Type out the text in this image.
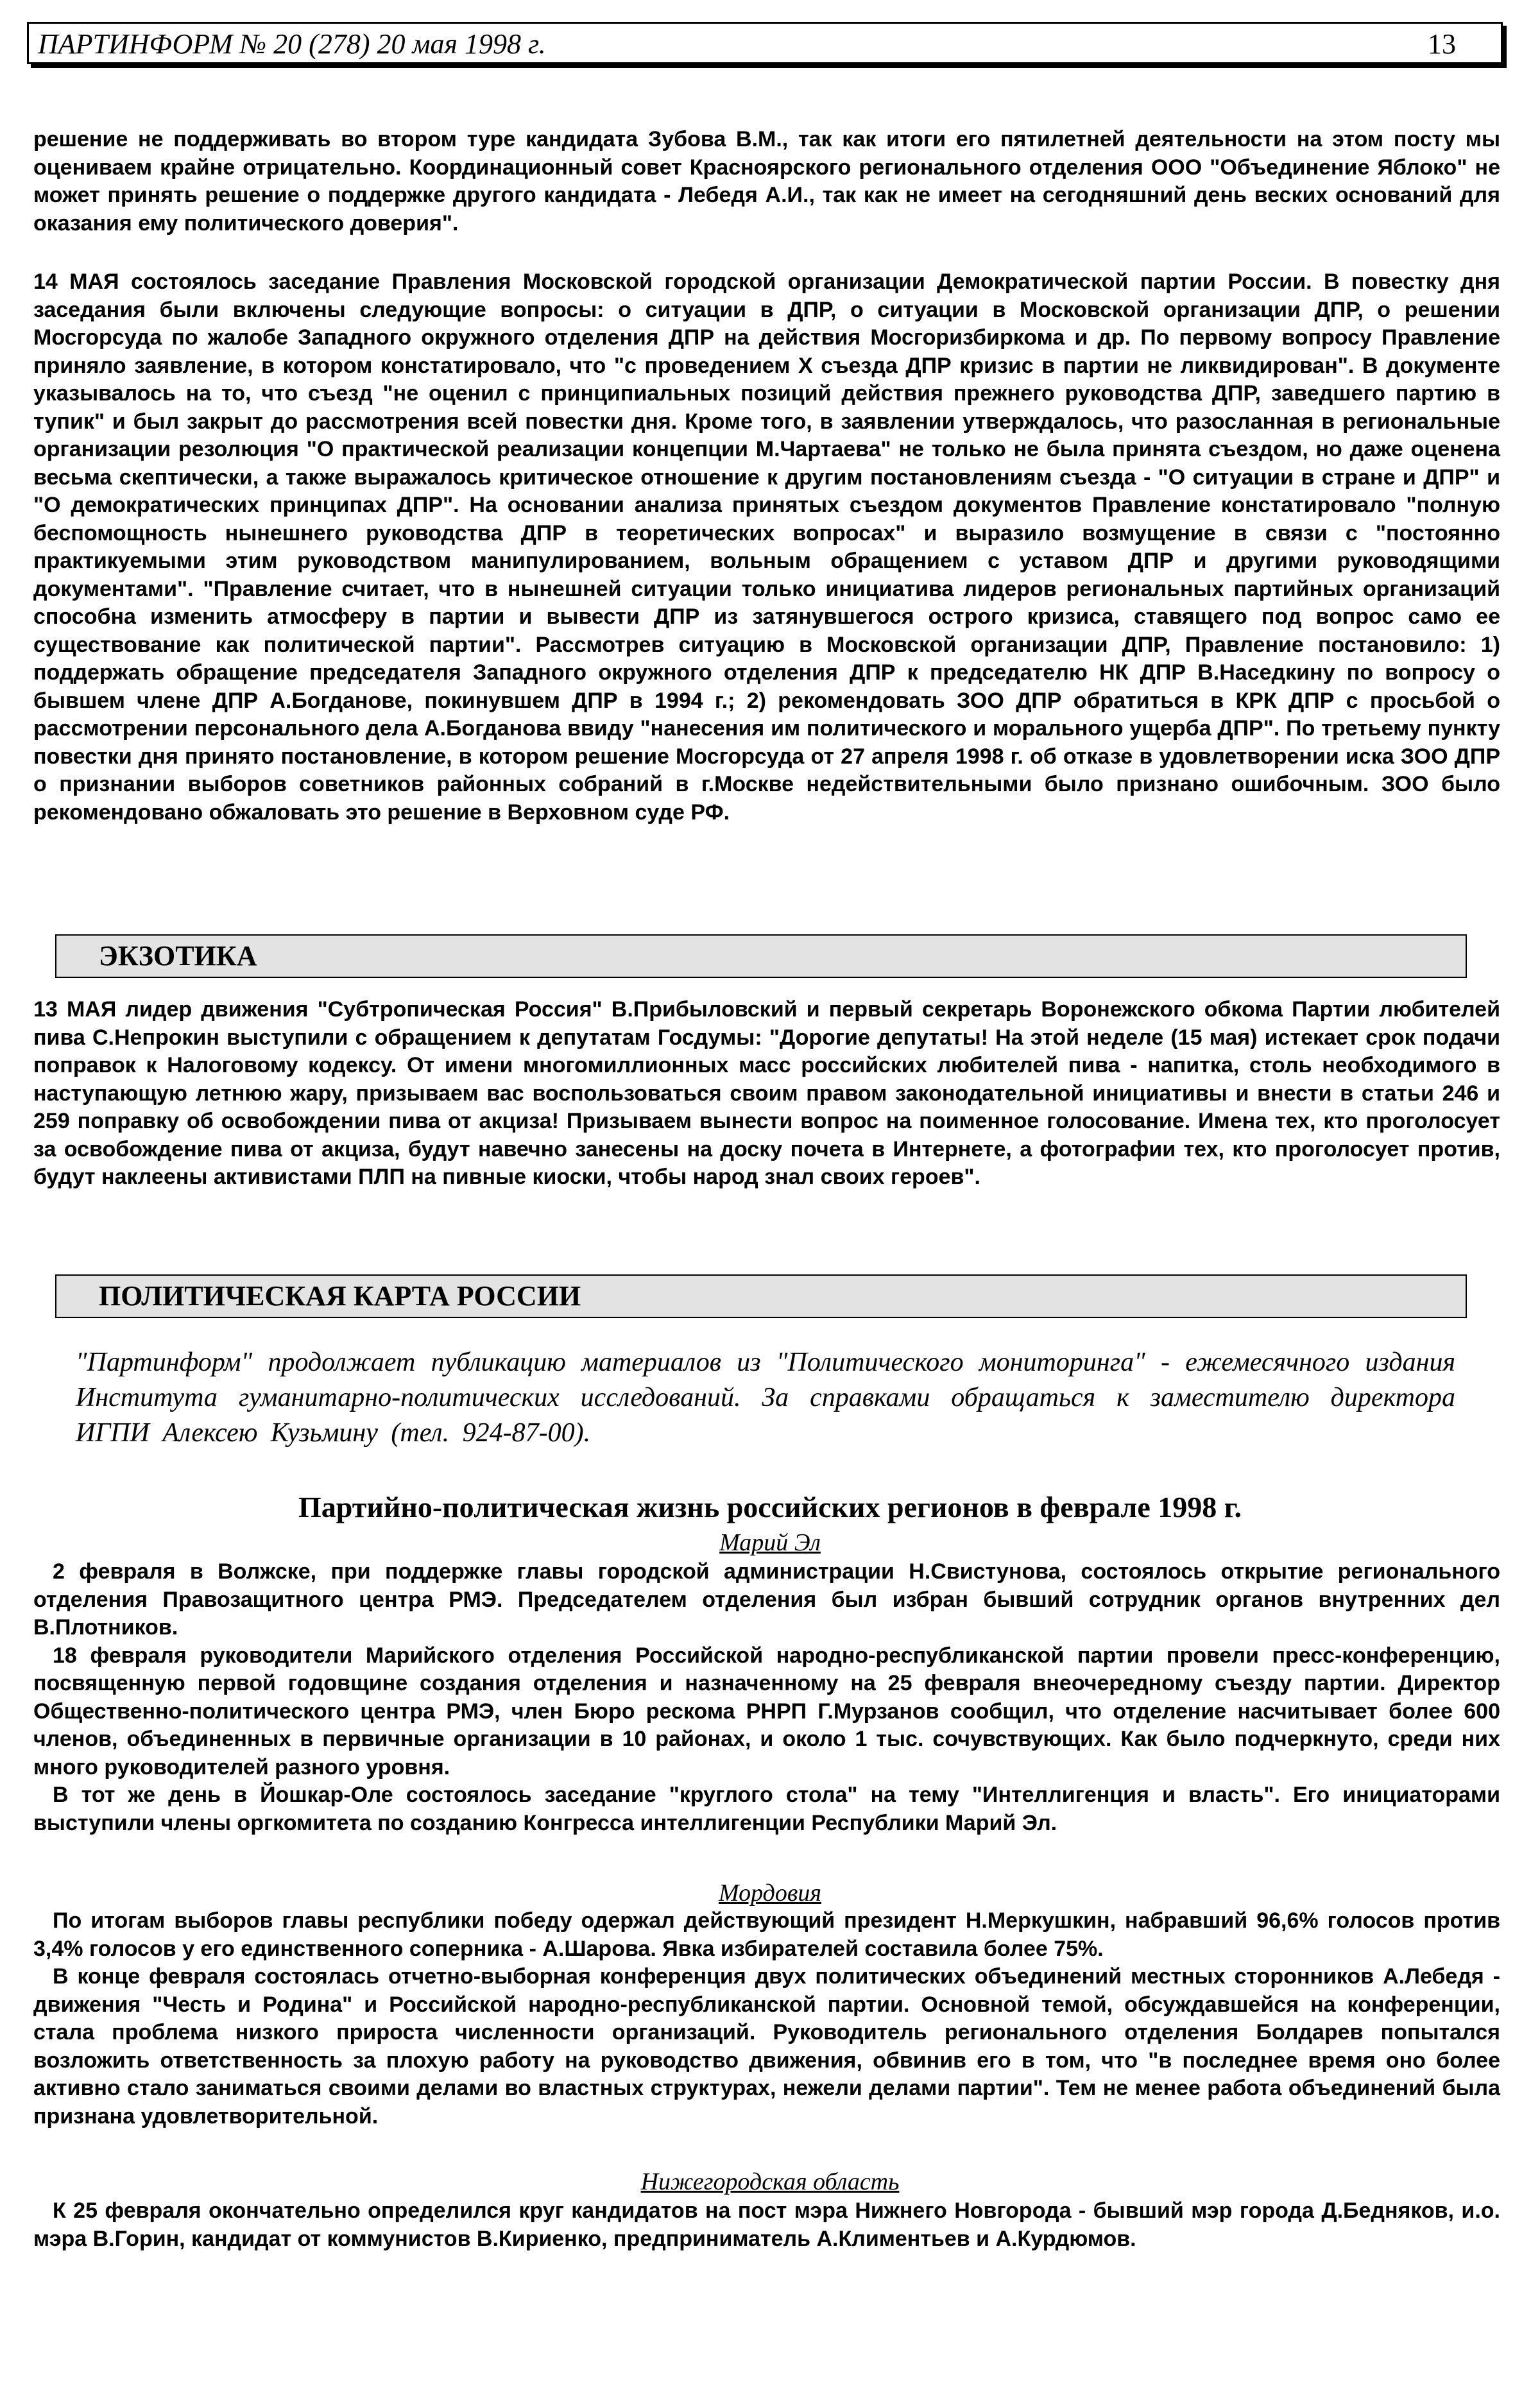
ПАРТИНФОРМ № 20 (278) 20 мая 1998 г.	13

решение не поддерживать во втором туре кандидата Зубова В.М., так как итоги его пятилетней деятельности на этом посту мы оцениваем крайне отрицательно. Координационный совет Красноярского регионального отделения ООО "Объединение Яблоко" не может принять решение о поддержке другого кандидата - Лебедя А.И., так как не имеет на сегодняшний день веских оснований для оказания ему политического доверия".

14 МАЯ состоялось заседание Правления Московской городской организации Демократической партии России. В повестку дня заседания были включены следующие вопросы: о ситуации в ДПР, о ситуации в Московской организации ДПР, о решении Мосгорсуда по жалобе Западного окружного отделения ДПР на действия Мосгоризбиркома и др. По первому вопросу Правление приняло заявление, в котором констатировало, что "с проведением X съезда ДПР кризис в партии не ликвидирован". В документе указывалось на то, что съезд "не оценил с принципиальных позиций действия прежнего руководства ДПР, заведшего партию в тупик" и был закрыт до рассмотрения всей повестки дня. Кроме того, в заявлении утверждалось, что разосланная в региональные организации резолюция "О практической реализации концепции М.Чартаева" не только не была принята съездом, но даже оценена весьма скептически, а также выражалось критическое отношение к другим постановлениям съезда - "О ситуации в стране и ДПР" и "О демократических принципах ДПР". На основании анализа принятых съездом документов Правление констатировало "полную беспомощность нынешнего руководства ДПР в теоретических вопросах" и выразило возмущение в связи с "постоянно практикуемыми этим руководством манипулированием, вольным обращением с уставом ДПР и другими руководящими документами". "Правление считает, что в нынешней ситуации только инициатива лидеров региональных партийных организаций способна изменить атмосферу в партии и вывести ДПР из затянувшегося острого кризиса, ставящего под вопрос само ее существование как политической партии". Рассмотрев ситуацию в Московской организации ДПР, Правление постановило: 1) поддержать обращение председателя Западного окружного отделения ДПР к председателю НК ДПР В.Наседкину по вопросу о бывшем члене ДПР А.Богданове, покинувшем ДПР в 1994 г.; 2) рекомендовать ЗОО ДПР обратиться в КРК ДПР с просьбой о рассмотрении персонального дела А.Богданова ввиду "нанесения им политического и морального ущерба ДПР". По третьему пункту повестки дня принято постановление, в котором решение Мосгорсуда от 27 апреля 1998 г. об отказе в удовлетворении иска ЗОО ДПР о признании выборов советников районных собраний в г.Москве недействительными было признано ошибочным. ЗОО было рекомендовано обжаловать это решение в Верховном суде РФ.

ЭКЗОТИКА

13 МАЯ лидер движения "Субтропическая Россия" В.Прибыловский и первый секретарь Воронежского обкома Партии любителей пива С.Непрокин выступили с обращением к депутатам Госдумы: "Дорогие депутаты! На этой неделе (15 мая) истекает срок подачи поправок к Налоговому кодексу. От имени многомиллионных масс российских любителей пива - напитка, столь необходимого в наступающую летнюю жару, призываем вас воспользоваться своим правом законодательной инициативы и внести в статьи 246 и 259 поправку об освобождении пива от акциза! Призываем вынести вопрос на поименное голосование. Имена тех, кто проголосует за освобождение пива от акциза, будут навечно занесены на доску почета в Интернете, а фотографии тех, кто проголосует против, будут наклеены активистами ПЛП на пивные киоски, чтобы народ знал своих героев".

ПОЛИТИЧЕСКАЯ КАРТА РОССИИ
"Партинформ" продолжает публикацию материалов из "Политического мониторинга" - ежемесячного издания Института гуманитарно-политических исследований. За справками обращаться к заместителю директора ИГПИ Алексею Кузьмину (тел. 924-87-00).
Партийно-политическая жизнь российских регионов в феврале 1998 г.
Марий Эл

2 февраля в Волжске, при поддержке главы городской администрации Н.Свистунова, состоялось открытие регионального отделения Правозащитного центра РМЭ. Председателем отделения был избран бывший сотрудник органов внутренних дел В.Плотников.

18 февраля руководители Марийского отделения Российской народно-республиканской партии провели пресс-конференцию, посвященную первой годовщине создания отделения и назначенному на 25 февраля внеочередному съезду партии. Директор Общественно-политического центра РМЭ, член Бюро рескома РНРП Г.Мурзанов сообщил, что отделение насчитывает более 600 членов, объединенных в первичные организации в 10 районах, и около 1 тыс. сочувствующих. Как было подчеркнуто, среди них много руководителей разного уровня.

В тот же день в Йошкар-Оле состоялось заседание "круглого стола" на тему "Интеллигенция и власть". Его инициаторами выступили члены оргкомитета по созданию Конгресса интеллигенции Республики Марий Эл.

Мордовия

По итогам выборов главы республики победу одержал действующий президент Н.Меркушкин, набравший 96,6% голосов против 3,4% голосов у его единственного соперника - А.Шарова. Явка избирателей составила более 75%.

В конце февраля состоялась отчетно-выборная конференция двух политических объединений местных сторонников А.Лебедя - движения "Честь и Родина" и Российской народно-республиканской партии. Основной темой, обсуждавшейся на конференции, стала проблема низкого прироста численности организаций. Руководитель регионального отделения Болдарев попытался возложить ответственность за плохую работу на руководство движения, обвинив его в том, что "в последнее время оно более активно стало заниматься своими делами во властных структурах, нежели делами партии". Тем не менее работа объединений была признана удовлетворительной.

Нижегородская область

К 25 февраля окончательно определился круг кандидатов на пост мэра Нижнего Новгорода - бывший мэр города Д.Бедняков, и.о. мэра В.Горин, кандидат от коммунистов В.Кириенко, предприниматель А.Климентьев и А.Курдюмов.
